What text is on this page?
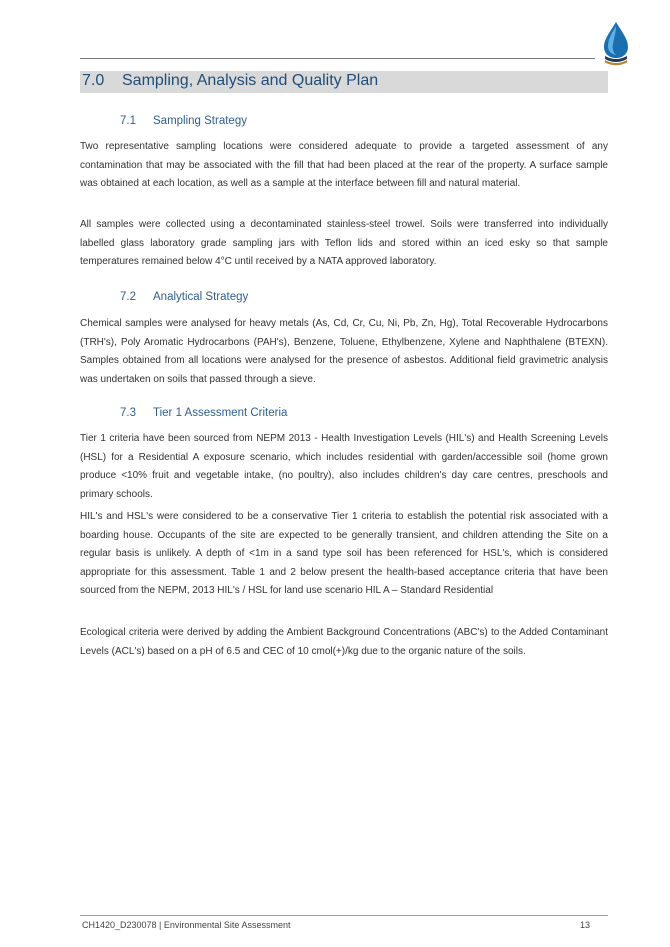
7.0 Sampling, Analysis and Quality Plan
7.1 Sampling Strategy

Two representative sampling locations were considered adequate to provide a targeted assessment of any contamination that may be associated with the fill that had been placed at the rear of the property. A surface sample was obtained at each location, as well as a sample at the interface between fill and natural material.

All samples were collected using a decontaminated stainless-steel trowel. Soils were transferred into individually labelled glass laboratory grade sampling jars with Teflon lids and stored within an iced esky so that sample temperatures remained below 4°C until received by a NATA approved laboratory.

7.2 Analytical Strategy

Chemical samples were analysed for heavy metals (As, Cd, Cr, Cu, Ni, Pb, Zn, Hg), Total Recoverable Hydrocarbons (TRH's), Poly Aromatic Hydrocarbons (PAH's), Benzene, Toluene, Ethylbenzene, Xylene and Naphthalene (BTEXN). Samples obtained from all locations were analysed for the presence of asbestos. Additional field gravimetric analysis was undertaken on soils that passed through a sieve.

7.3 Tier 1 Assessment Criteria

Tier 1 criteria have been sourced from NEPM 2013 - Health Investigation Levels (HIL's) and Health Screening Levels (HSL) for a Residential A exposure scenario, which includes residential with garden/accessible soil (home grown produce <10% fruit and vegetable intake, (no poultry), also includes children's day care centres, preschools and primary schools.

HIL's and HSL's were considered to be a conservative Tier 1 criteria to establish the potential risk associated with a boarding house. Occupants of the site are expected to be generally transient, and children attending the Site on a regular basis is unlikely. A depth of <1m in a sand type soil has been referenced for HSL's, which is considered appropriate for this assessment. Table 1 and 2 below present the health-based acceptance criteria that have been sourced from the NEPM, 2013 HIL's / HSL for land use scenario HIL A – Standard Residential

Ecological criteria were derived by adding the Ambient Background Concentrations (ABC's) to the Added Contaminant Levels (ACL's) based on a pH of 6.5 and CEC of 10 cmol(+)/kg due to the organic nature of the soils.

CH1420_D230078 | Environmental Site Assessment	13
